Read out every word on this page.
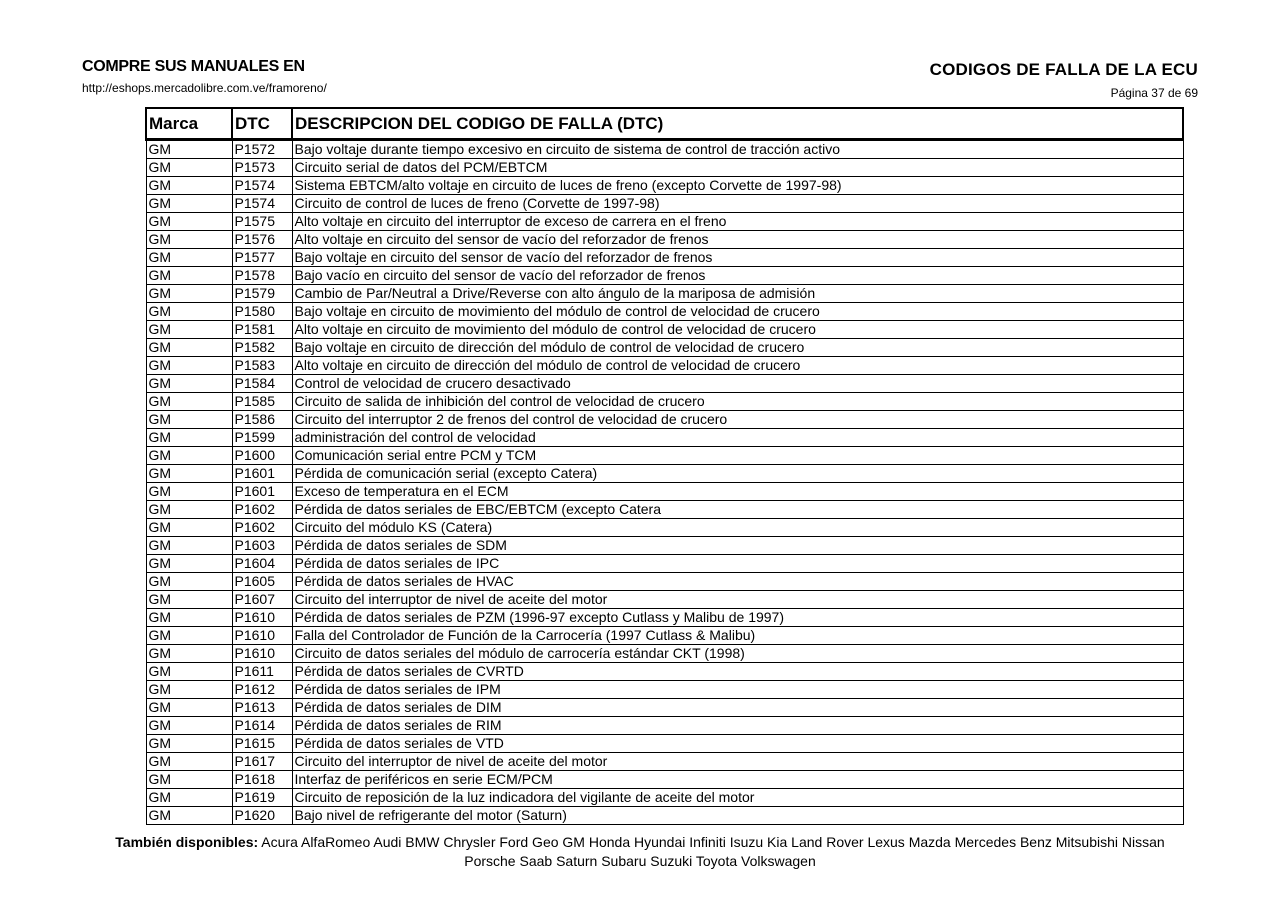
COMPRE SUS MANUALES EN
http://eshops.mercadolibre.com.ve/framoreno/
CODIGOS DE FALLA DE LA ECU
Página 37 de 69
Marca	DTC	DESCRIPCION DEL CODIGO DE FALLA (DTC)
GM	P1572	Bajo voltaje durante tiempo excesivo en circuito de sistema de control de tracción activo
GM	P1573	Circuito serial de datos del PCM/EBTCM
GM	P1574	Sistema EBTCM/alto voltaje en circuito de luces de freno (excepto Corvette de 1997-98)
GM	P1574	Circuito de control de luces de freno (Corvette de 1997-98)
GM	P1575	Alto voltaje en circuito del interruptor de exceso de carrera en el freno
GM	P1576	Alto voltaje en circuito del sensor de vacío del reforzador de frenos
GM	P1577	Bajo voltaje en circuito del sensor de vacío del reforzador de frenos
GM	P1578	Bajo vacío en circuito del sensor de vacío del reforzador de frenos
GM	P1579	Cambio de Par/Neutral a Drive/Reverse con alto ángulo de la mariposa de admisión
GM	P1580	Bajo voltaje en circuito de movimiento del módulo de control de velocidad de crucero
GM	P1581	Alto voltaje en circuito de movimiento del módulo de control de velocidad de crucero
GM	P1582	Bajo voltaje en circuito de dirección del módulo de control de velocidad de crucero
GM	P1583	Alto voltaje en circuito de dirección del módulo de control de velocidad de crucero
GM	P1584	Control de velocidad de crucero desactivado
GM	P1585	Circuito de salida de inhibición del control de velocidad de crucero
GM	P1586	Circuito del interruptor 2 de frenos del control de velocidad de crucero
GM	P1599	administración del control de velocidad
GM	P1600	Comunicación serial entre PCM y TCM
GM	P1601	Pérdida de comunicación serial (excepto Catera)
GM	P1601	Exceso de temperatura en el ECM
GM	P1602	Pérdida de datos seriales de EBC/EBTCM (excepto Catera
GM	P1602	Circuito del módulo KS (Catera)
GM	P1603	Pérdida de datos seriales de SDM
GM	P1604	Pérdida de datos seriales de IPC
GM	P1605	Pérdida de datos seriales de HVAC
GM	P1607	Circuito del interruptor de nivel de aceite del motor
GM	P1610	Pérdida de datos seriales de PZM (1996-97 excepto Cutlass y Malibu de 1997)
GM	P1610	Falla del Controlador de Función de la Carrocería (1997 Cutlass & Malibu)
GM	P1610	Circuito de datos seriales del módulo de carrocería estándar CKT (1998)
GM	P1611	Pérdida de datos seriales de CVRTD
GM	P1612	Pérdida de datos seriales de IPM
GM	P1613	Pérdida de datos seriales de DIM
GM	P1614	Pérdida de datos seriales de RIM
GM	P1615	Pérdida de datos seriales de VTD
GM	P1617	Circuito del interruptor de nivel de aceite del motor
GM	P1618	Interfaz de periféricos en serie ECM/PCM
GM	P1619	Circuito de reposición de la luz indicadora del vigilante de aceite del motor
GM	P1620	Bajo nivel de refrigerante del motor (Saturn)
También disponibles: Acura AlfaRomeo Audi BMW Chrysler Ford Geo GM Honda Hyundai Infiniti Isuzu Kia Land Rover Lexus Mazda Mercedes Benz Mitsubishi Nissan
Porsche Saab Saturn Subaru Suzuki Toyota Volkswagen
